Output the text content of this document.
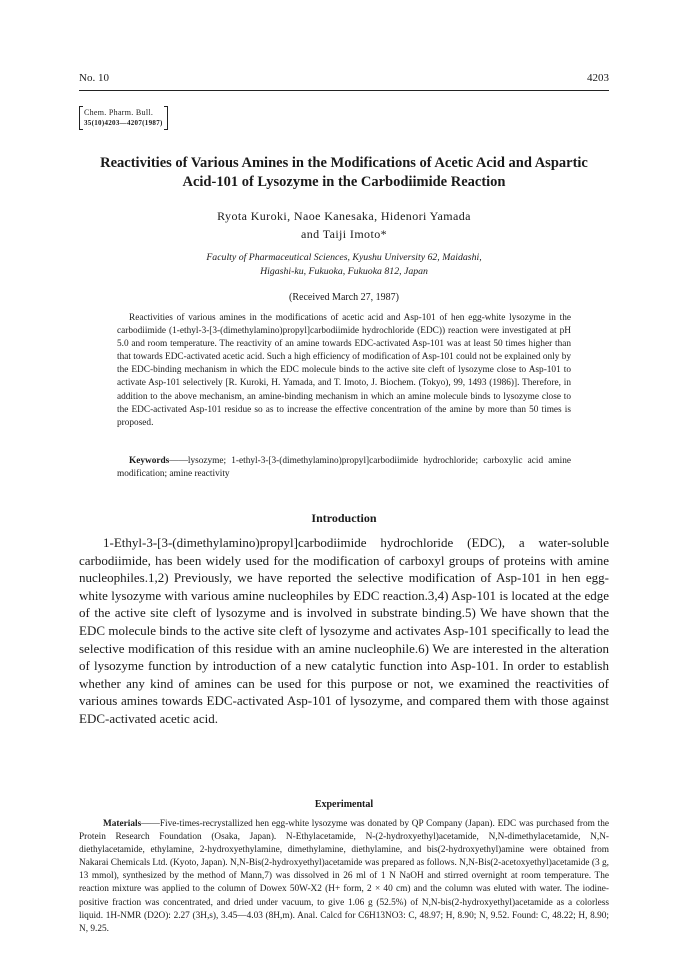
No. 10	4203
Chem. Pharm. Bull.
35(10)4203—4207(1987)
Reactivities of Various Amines in the Modifications of Acetic Acid and Aspartic Acid-101 of Lysozyme in the Carbodiimide Reaction
Ryota Kuroki, Naoe Kanesaka, Hidenori Yamada
and Taiji Imoto*
Faculty of Pharmaceutical Sciences, Kyushu University 62, Maidashi,
Higashi-ku, Fukuoka, Fukuoka 812, Japan
(Received March 27, 1987)

Reactivities of various amines in the modifications of acetic acid and Asp-101 of hen egg-white lysozyme in the carbodiimide (1-ethyl-3-[3-(dimethylamino)propyl]carbodiimide hydrochloride (EDC)) reaction were investigated at pH 5.0 and room temperature. The reactivity of an amine towards EDC-activated Asp-101 was at least 50 times higher than that towards EDC-activated acetic acid. Such a high efficiency of modification of Asp-101 could not be explained only by the EDC-binding mechanism in which the EDC molecule binds to the active site cleft of lysozyme close to Asp-101 to activate Asp-101 selectively [R. Kuroki, H. Yamada, and T. Imoto, J. Biochem. (Tokyo), 99, 1493 (1986)]. Therefore, in addition to the above mechanism, an amine-binding mechanism in which an amine molecule binds to lysozyme close to the EDC-activated Asp-101 residue so as to increase the effective concentration of the amine by more than 50 times is proposed.

Keywords——lysozyme; 1-ethyl-3-[3-(dimethylamino)propyl]carbodiimide hydrochloride; carboxylic acid amine modification; amine reactivity
Introduction

1-Ethyl-3-[3-(dimethylamino)propyl]carbodiimide hydrochloride (EDC), a water-soluble carbodiimide, has been widely used for the modification of carboxyl groups of proteins with amine nucleophiles.1,2) Previously, we have reported the selective modification of Asp-101 in hen egg-white lysozyme with various amine nucleophiles by EDC reaction.3,4) Asp-101 is located at the edge of the active site cleft of lysozyme and is involved in substrate binding.5) We have shown that the EDC molecule binds to the active site cleft of lysozyme and activates Asp-101 specifically to lead the selective modification of this residue with an amine nucleophile.6) We are interested in the alteration of lysozyme function by introduction of a new catalytic function into Asp-101. In order to establish whether any kind of amines can be used for this purpose or not, we examined the reactivities of various amines towards EDC-activated Asp-101 of lysozyme, and compared them with those against EDC-activated acetic acid.

Experimental

Materials——Five-times-recrystallized hen egg-white lysozyme was donated by QP Company (Japan). EDC was purchased from the Protein Research Foundation (Osaka, Japan). N-Ethylacetamide, N-(2-hydroxyethyl)acetamide, N,N-dimethylacetamide, N,N-diethylacetamide, ethylamine, 2-hydroxyethylamine, dimethylamine, diethylamine, and bis(2-hydroxyethyl)amine were obtained from Nakarai Chemicals Ltd. (Kyoto, Japan). N,N-Bis(2-hydroxyethyl)acetamide was prepared as follows. N,N-Bis(2-acetoxyethyl)acetamide (3 g, 13 mmol), synthesized by the method of Mann,7) was dissolved in 26 ml of 1 N NaOH and stirred overnight at room temperature. The reaction mixture was applied to the column of Dowex 50W-X2 (H+ form, 2 × 40 cm) and the column was eluted with water. The iodine-positive fraction was concentrated, and dried under vacuum, to give 1.06 g (52.5%) of N,N-bis(2-hydroxyethyl)acetamide as a colorless liquid. 1H-NMR (D2O): 2.27 (3H,s), 3.45—4.03 (8H,m). Anal. Calcd for C6H13NO3: C, 48.97; H, 8.90; N, 9.52. Found: C, 48.22; H, 8.90; N, 9.25.
